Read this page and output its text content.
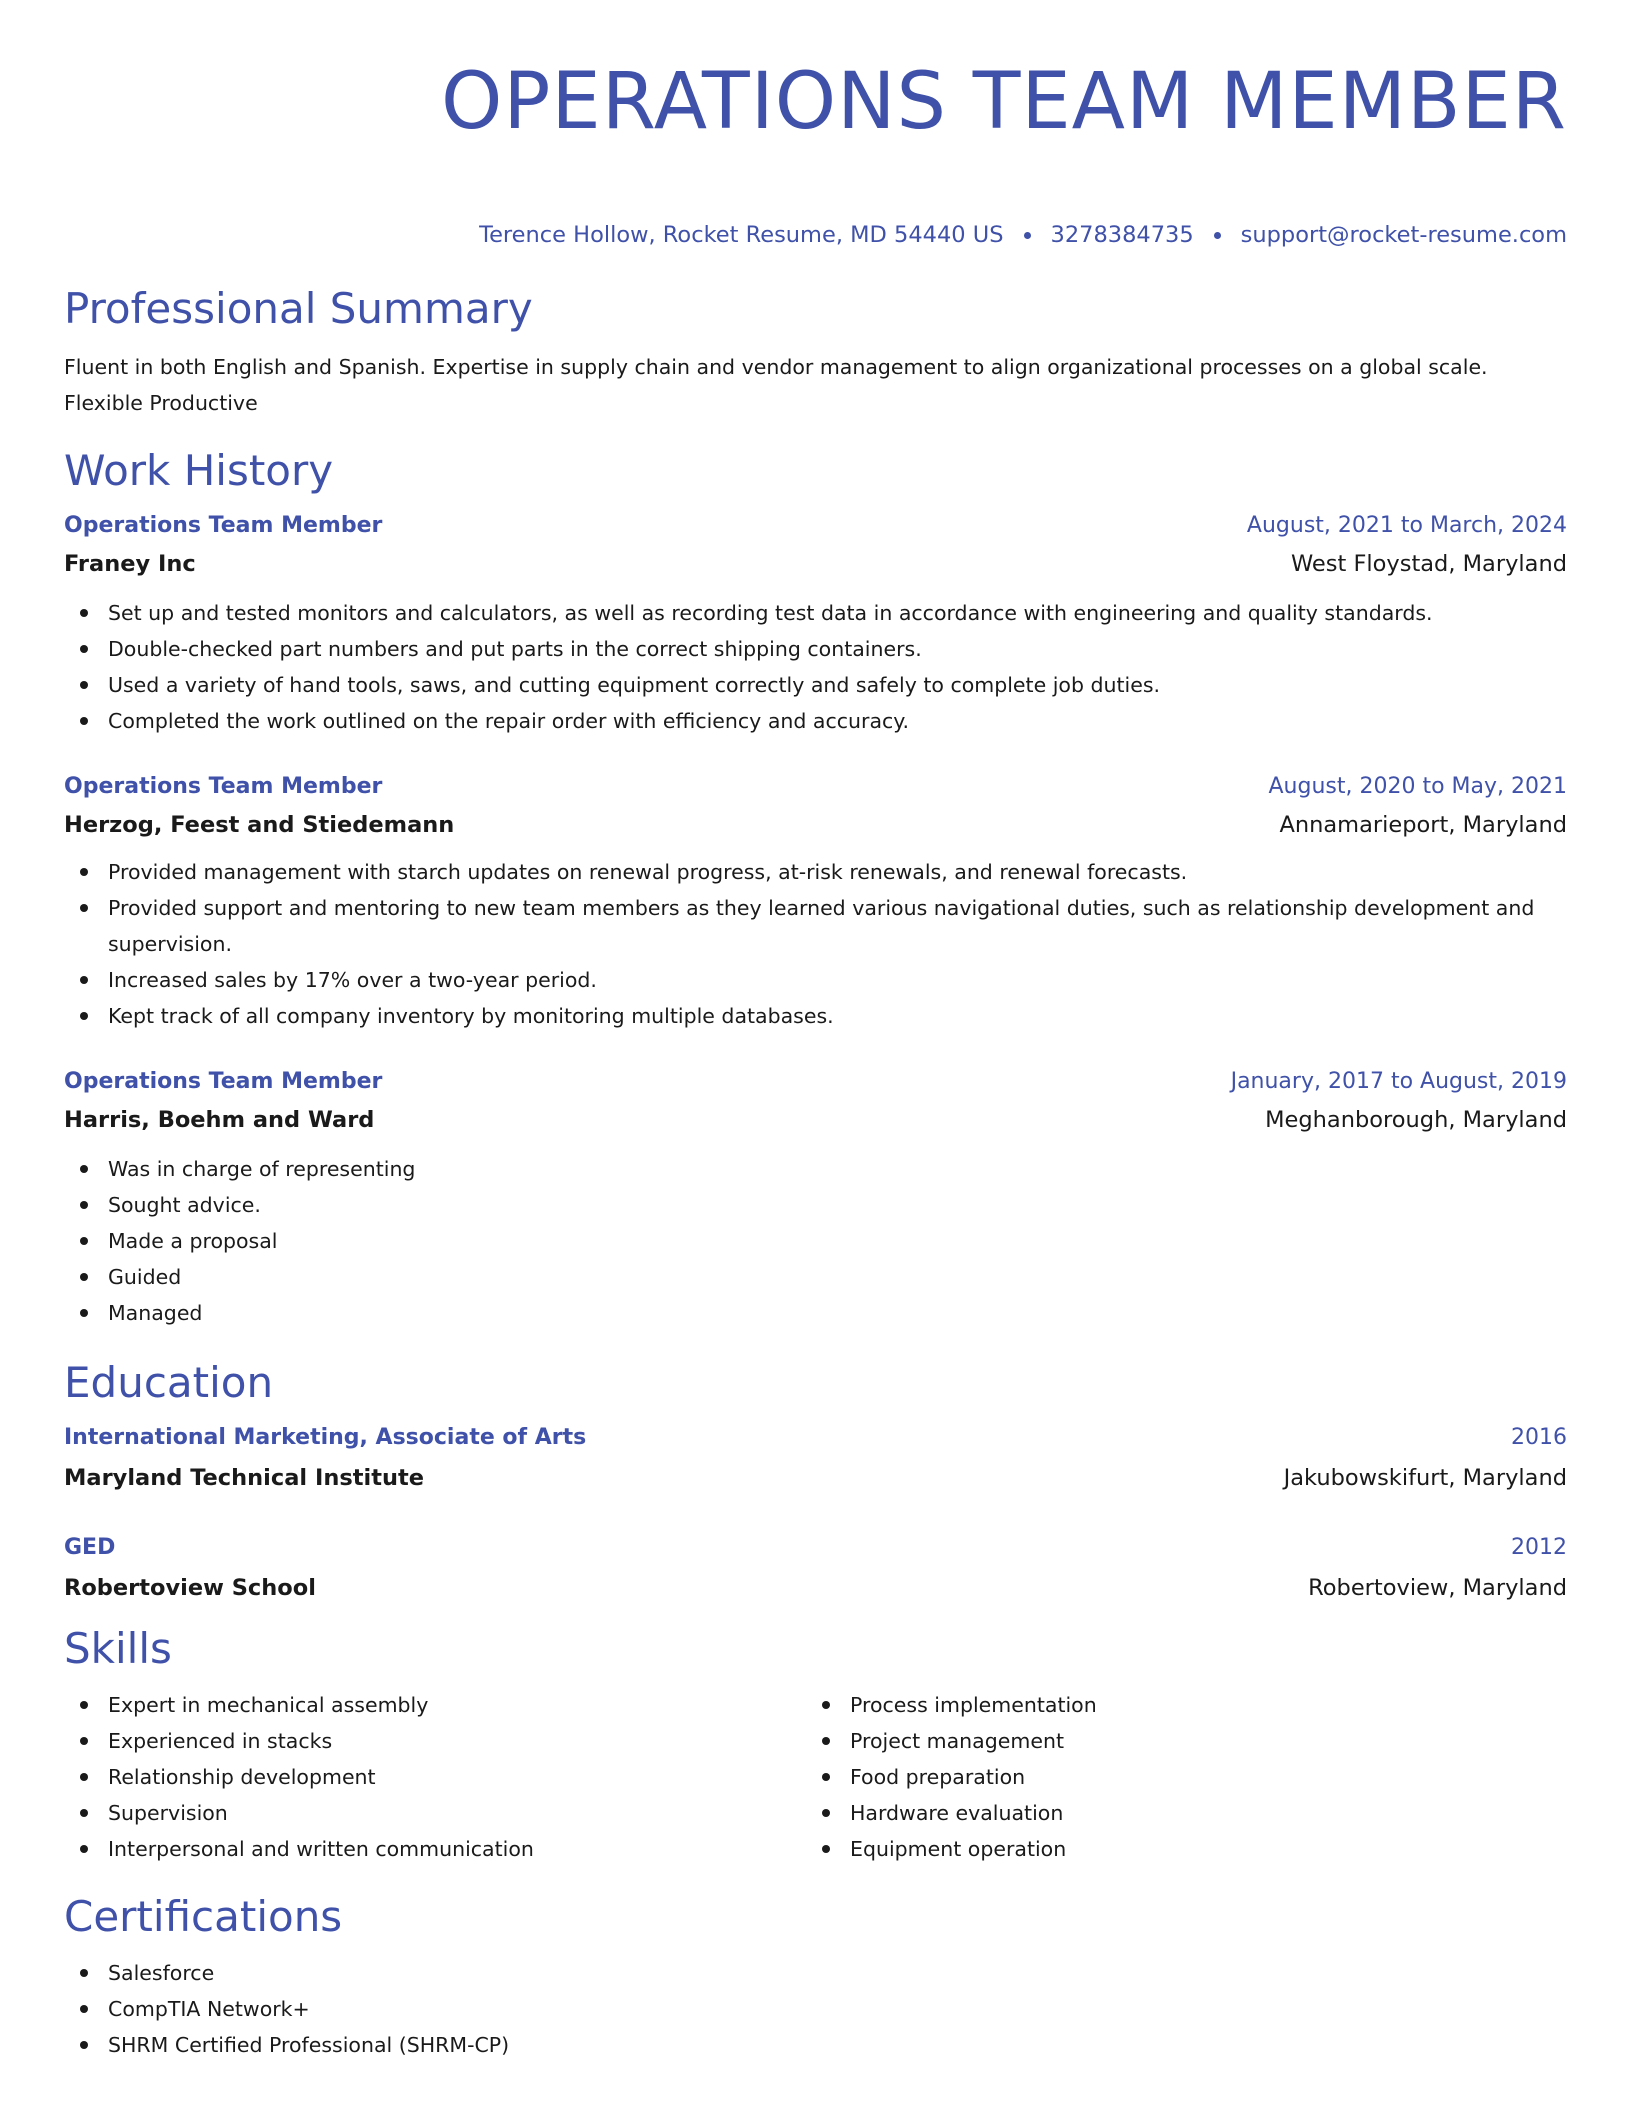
OPERATIONS TEAM MEMBER
Terence Hollow, Rocket Resume, MD 54440 US 3278384735 support@rocket-resume.com
Professional Summary

Fluent in both English and Spanish. Expertise in supply chain and vendor management to align organizational processes on a global scale.

Flexible Productive

Work History
Operations Team Member	August, 2021 to March, 2024
Franey Inc	West Floystad, Maryland
Set up and tested monitors and calculators, as well as recording test data in accordance with engineering and quality standards.
Double-checked part numbers and put parts in the correct shipping containers.
Used a variety of hand tools, saws, and cutting equipment correctly and safely to complete job duties.
Completed the work outlined on the repair order with efficiency and accuracy.
Operations Team Member	August, 2020 to May, 2021
Herzog, Feest and Stiedemann	Annamarieport, Maryland
Provided management with starch updates on renewal progress, at-risk renewals, and renewal forecasts.
Provided support and mentoring to new team members as they learned various navigational duties, such as relationship development and supervision.
Increased sales by 17% over a two-year period.
Kept track of all company inventory by monitoring multiple databases.
Operations Team Member	January, 2017 to August, 2019
Harris, Boehm and Ward	Meghanborough, Maryland
Was in charge of representing
Sought advice.
Made a proposal
Guided
Managed
Education
International Marketing, Associate of Arts	2016
Maryland Technical Institute	Jakubowskifurt, Maryland
GED	2012
Robertoview School	Robertoview, Maryland
Skills
Expert in mechanical assembly
Experienced in stacks
Relationship development
Supervision
Interpersonal and written communication
Process implementation
Project management
Food preparation
Hardware evaluation
Equipment operation
Certifications
Salesforce
CompTIA Network+
SHRM Certified Professional (SHRM-CP)
